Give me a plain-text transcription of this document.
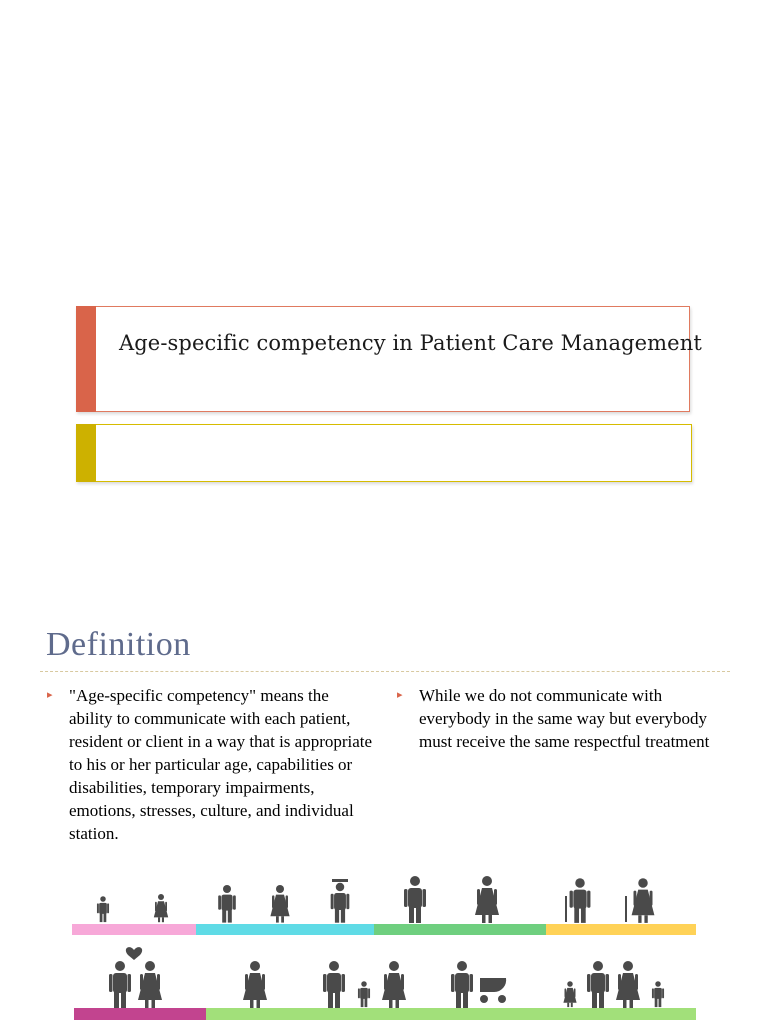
Age-specific competency in Patient Care Management
Definition
▸ "Age-specific competency" means the ability to communicate with each patient, resident or client in a way that is appropriate to his or her particular age, capabilities or disabilities, temporary impairments, emotions, stresses, culture, and individual station.
▸ While we do not communicate with everybody in the same way but everybody must receive the same respectful treatment
